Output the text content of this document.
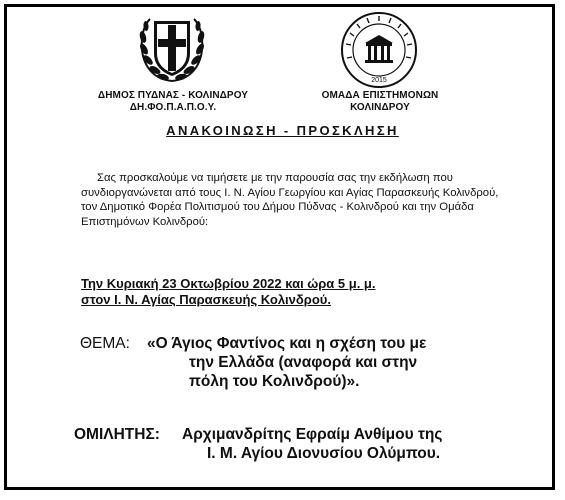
ΔΗΜΟΣ ΠΥΔΝΑΣ - ΚΟΛΙΝΔΡΟΥ
ΔΗ.ΦΟ.Π.Α.Π.Ο.Υ.
2015
ΟΜΑΔΑ ΕΠΙΣΤΗΜΟΝΩΝ
ΚΟΛΙΝΔΡΟΥ
ΑΝΑΚΟΙΝΩΣΗ - ΠΡΟΣΚΛΗΣΗ

Σας προσκαλούμε να τιμήσετε με την παρουσία σας την εκδήλωση που συνδιοργανώνεται από τους Ι. Ν. Αγίου Γεωργίου και Αγίας Παρασκευής Κολινδρού, τον Δημοτικό Φορέα Πολιτισμού του Δήμου Πύδνας - Κολινδρού και την Ομάδα Επιστημόνων Κολινδρού:

Την Κυριακή 23 Οκτωβρίου 2022 και ώρα 5 μ. μ.
στον Ι. Ν. Αγίας Παρασκευής Κολινδρού.
ΘΕΜΑ: «Ο Άγιος Φαντίνος και η σχέση του με
την Ελλάδα (αναφορά και στην
πόλη του Κολινδρού)».
ΟΜΙΛΗΤΗΣ: Αρχιμανδρίτης Εφραίμ Ανθίμου της
Ι. Μ. Αγίου Διονυσίου Ολύμπου.
